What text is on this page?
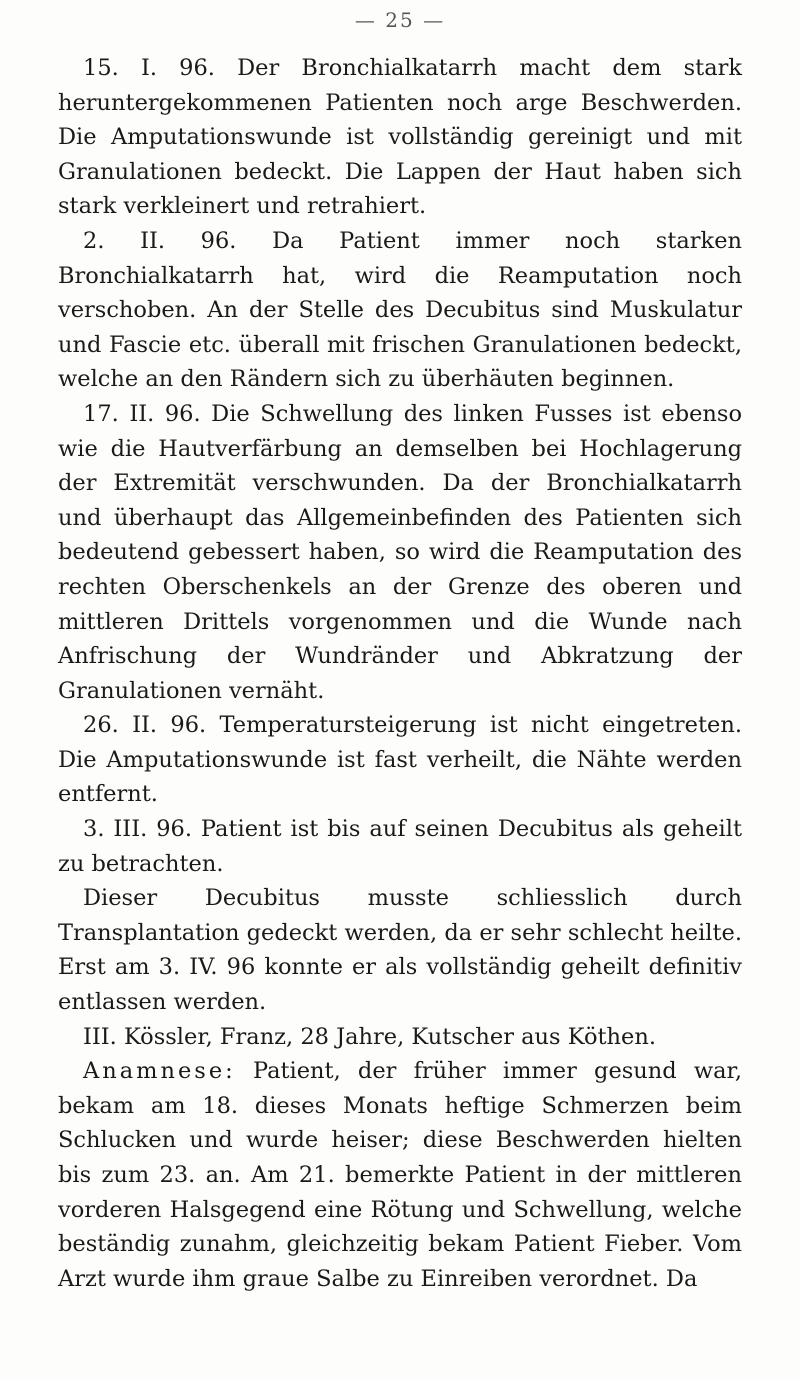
— 25 —

15. I. 96. Der Bronchialkatarrh macht dem stark heruntergekommenen Patienten noch arge Beschwerden. Die Amputationswunde ist vollständig gereinigt und mit Granulationen bedeckt. Die Lappen der Haut haben sich stark verkleinert und retrahiert.

2. II. 96. Da Patient immer noch starken Bronchialkatarrh hat, wird die Reamputation noch verschoben. An der Stelle des Decubitus sind Muskulatur und Fascie etc. überall mit frischen Granulationen bedeckt, welche an den Rändern sich zu überhäuten beginnen.

17. II. 96. Die Schwellung des linken Fusses ist ebenso wie die Hautverfärbung an demselben bei Hochlagerung der Extremität verschwunden. Da der Bronchialkatarrh und überhaupt das Allgemeinbefinden des Patienten sich bedeutend gebessert haben, so wird die Reamputation des rechten Oberschenkels an der Grenze des oberen und mittleren Drittels vorgenommen und die Wunde nach Anfrischung der Wundränder und Abkratzung der Granulationen vernäht.

26. II. 96. Temperatursteigerung ist nicht eingetreten. Die Amputationswunde ist fast verheilt, die Nähte werden entfernt.

3. III. 96. Patient ist bis auf seinen Decubitus als geheilt zu betrachten.

Dieser Decubitus musste schliesslich durch Transplantation gedeckt werden, da er sehr schlecht heilte. Erst am 3. IV. 96 konnte er als vollständig geheilt definitiv entlassen werden.

III. Kössler, Franz, 28 Jahre, Kutscher aus Köthen.

Anamnese: Patient, der früher immer gesund war, bekam am 18. dieses Monats heftige Schmerzen beim Schlucken und wurde heiser; diese Beschwerden hielten bis zum 23. an. Am 21. bemerkte Patient in der mittleren vorderen Halsgegend eine Rötung und Schwellung, welche beständig zunahm, gleichzeitig bekam Patient Fieber. Vom Arzt wurde ihm graue Salbe zu Einreiben verordnet. Da
